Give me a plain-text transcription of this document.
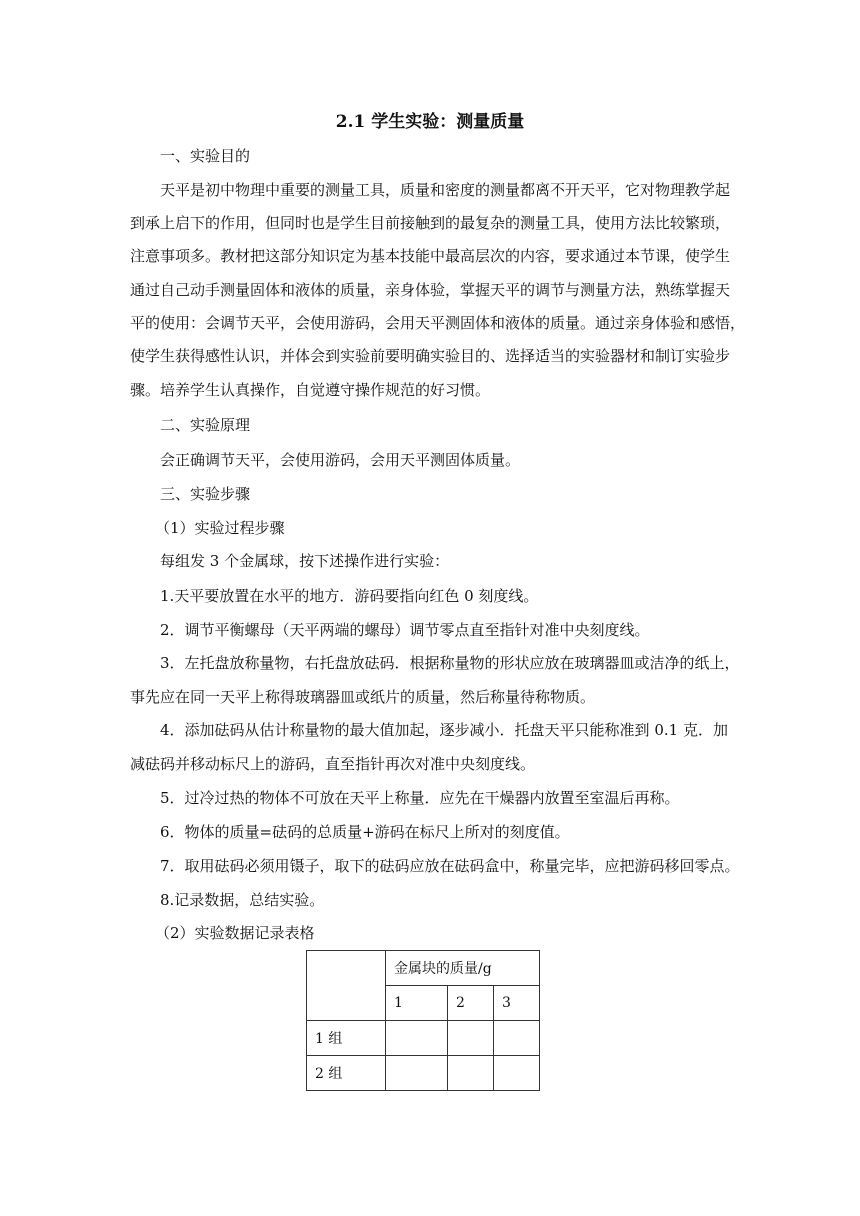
2.1 学生实验：测量质量
一、实验目的
天平是初中物理中重要的测量工具，质量和密度的测量都离不开天平，它对物理教学起
到承上启下的作用，但同时也是学生目前接触到的最复杂的测量工具，使用方法比较繁琐，
注意事项多。教材把这部分知识定为基本技能中最高层次的内容，要求通过本节课，使学生
通过自己动手测量固体和液体的质量，亲身体验，掌握天平的调节与测量方法，熟练掌握天
平的使用：会调节天平，会使用游码，会用天平测固体和液体的质量。通过亲身体验和感悟，
使学生获得感性认识，并体会到实验前要明确实验目的、选择适当的实验器材和制订实验步
骤。培养学生认真操作，自觉遵守操作规范的好习惯。
二、实验原理
会正确调节天平，会使用游码，会用天平测固体质量。
三、实验步骤
（1）实验过程步骤
每组发 3 个金属球，按下述操作进行实验：
1.天平要放置在水平的地方．游码要指向红色 0 刻度线。
2．调节平衡螺母（天平两端的螺母）调节零点直至指针对准中央刻度线。
3．左托盘放称量物，右托盘放砝码．根据称量物的形状应放在玻璃器皿或洁净的纸上，
事先应在同一天平上称得玻璃器皿或纸片的质量，然后称量待称物质。
4．添加砝码从估计称量物的最大值加起，逐步减小．托盘天平只能称准到 0.1 克．加
减砝码并移动标尺上的游码，直至指针再次对准中央刻度线。
5．过冷过热的物体不可放在天平上称量．应先在干燥器内放置至室温后再称。
6．物体的质量=砝码的总质量+游码在标尺上所对的刻度值。
7．取用砝码必须用镊子，取下的砝码应放在砝码盒中，称量完毕，应把游码移回零点。
8.记录数据，总结实验。
（2）实验数据记录表格
	金属块的质量/g		
	1	2	3
1 组			
2 组			
